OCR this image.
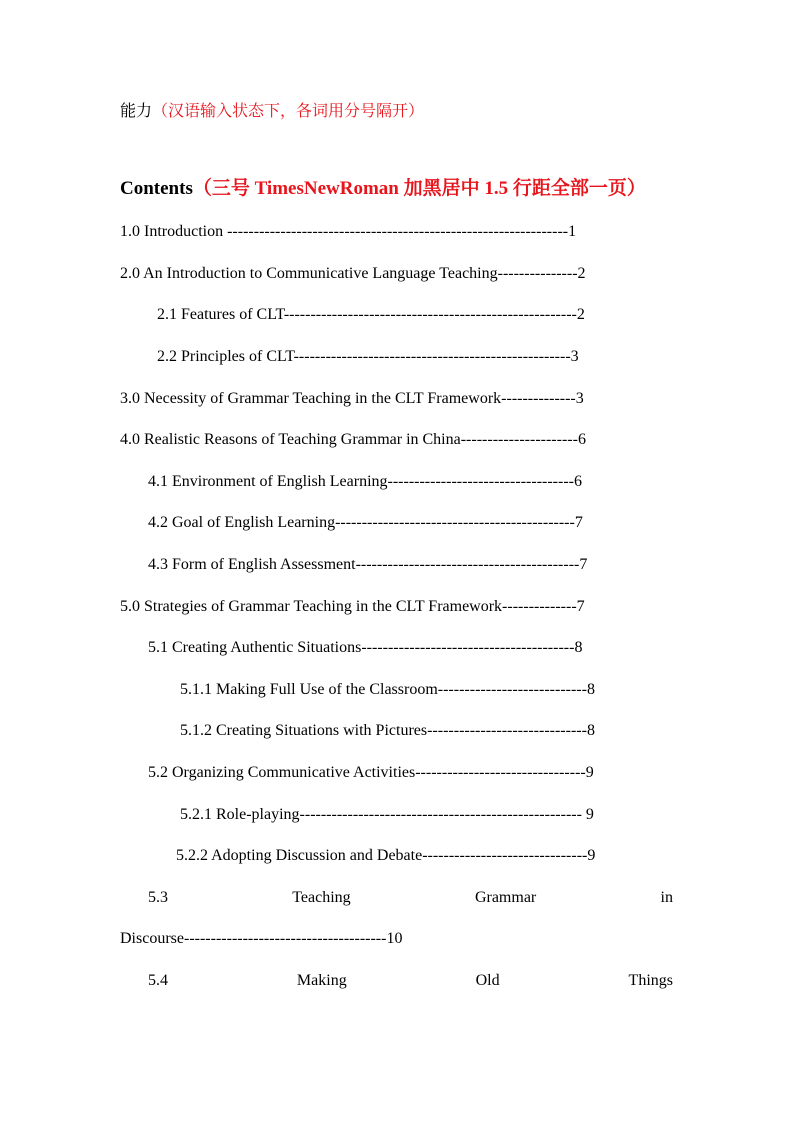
能力（汉语输入状态下，各词用分号隔开）
Contents（三号 TimesNewRoman 加黑居中 1.5 行距全部一页）
1.0 Introduction ----------------------------------------------------------------1
2.0 An Introduction to Communicative Language Teaching---------------2
2.1 Features of CLT-------------------------------------------------------2
2.2 Principles of CLT----------------------------------------------------3
3.0 Necessity of Grammar Teaching in the CLT Framework--------------3
4.0 Realistic Reasons of Teaching Grammar in China----------------------6
4.1 Environment of English Learning-----------------------------------6
4.2 Goal of English Learning---------------------------------------------7
4.3 Form of English Assessment------------------------------------------7
5.0 Strategies of Grammar Teaching in the CLT Framework--------------7
5.1 Creating Authentic Situations----------------------------------------8
5.1.1 Making Full Use of the Classroom----------------------------8
5.1.2 Creating Situations with Pictures------------------------------8
5.2 Organizing Communicative Activities--------------------------------9
5.2.1 Role-playing----------------------------------------------------- 9
5.2.2 Adopting Discussion and Debate-------------------------------9
5.3	Teaching	Grammar	in
Discourse--------------------------------------10
5.4	Making	Old	Things
